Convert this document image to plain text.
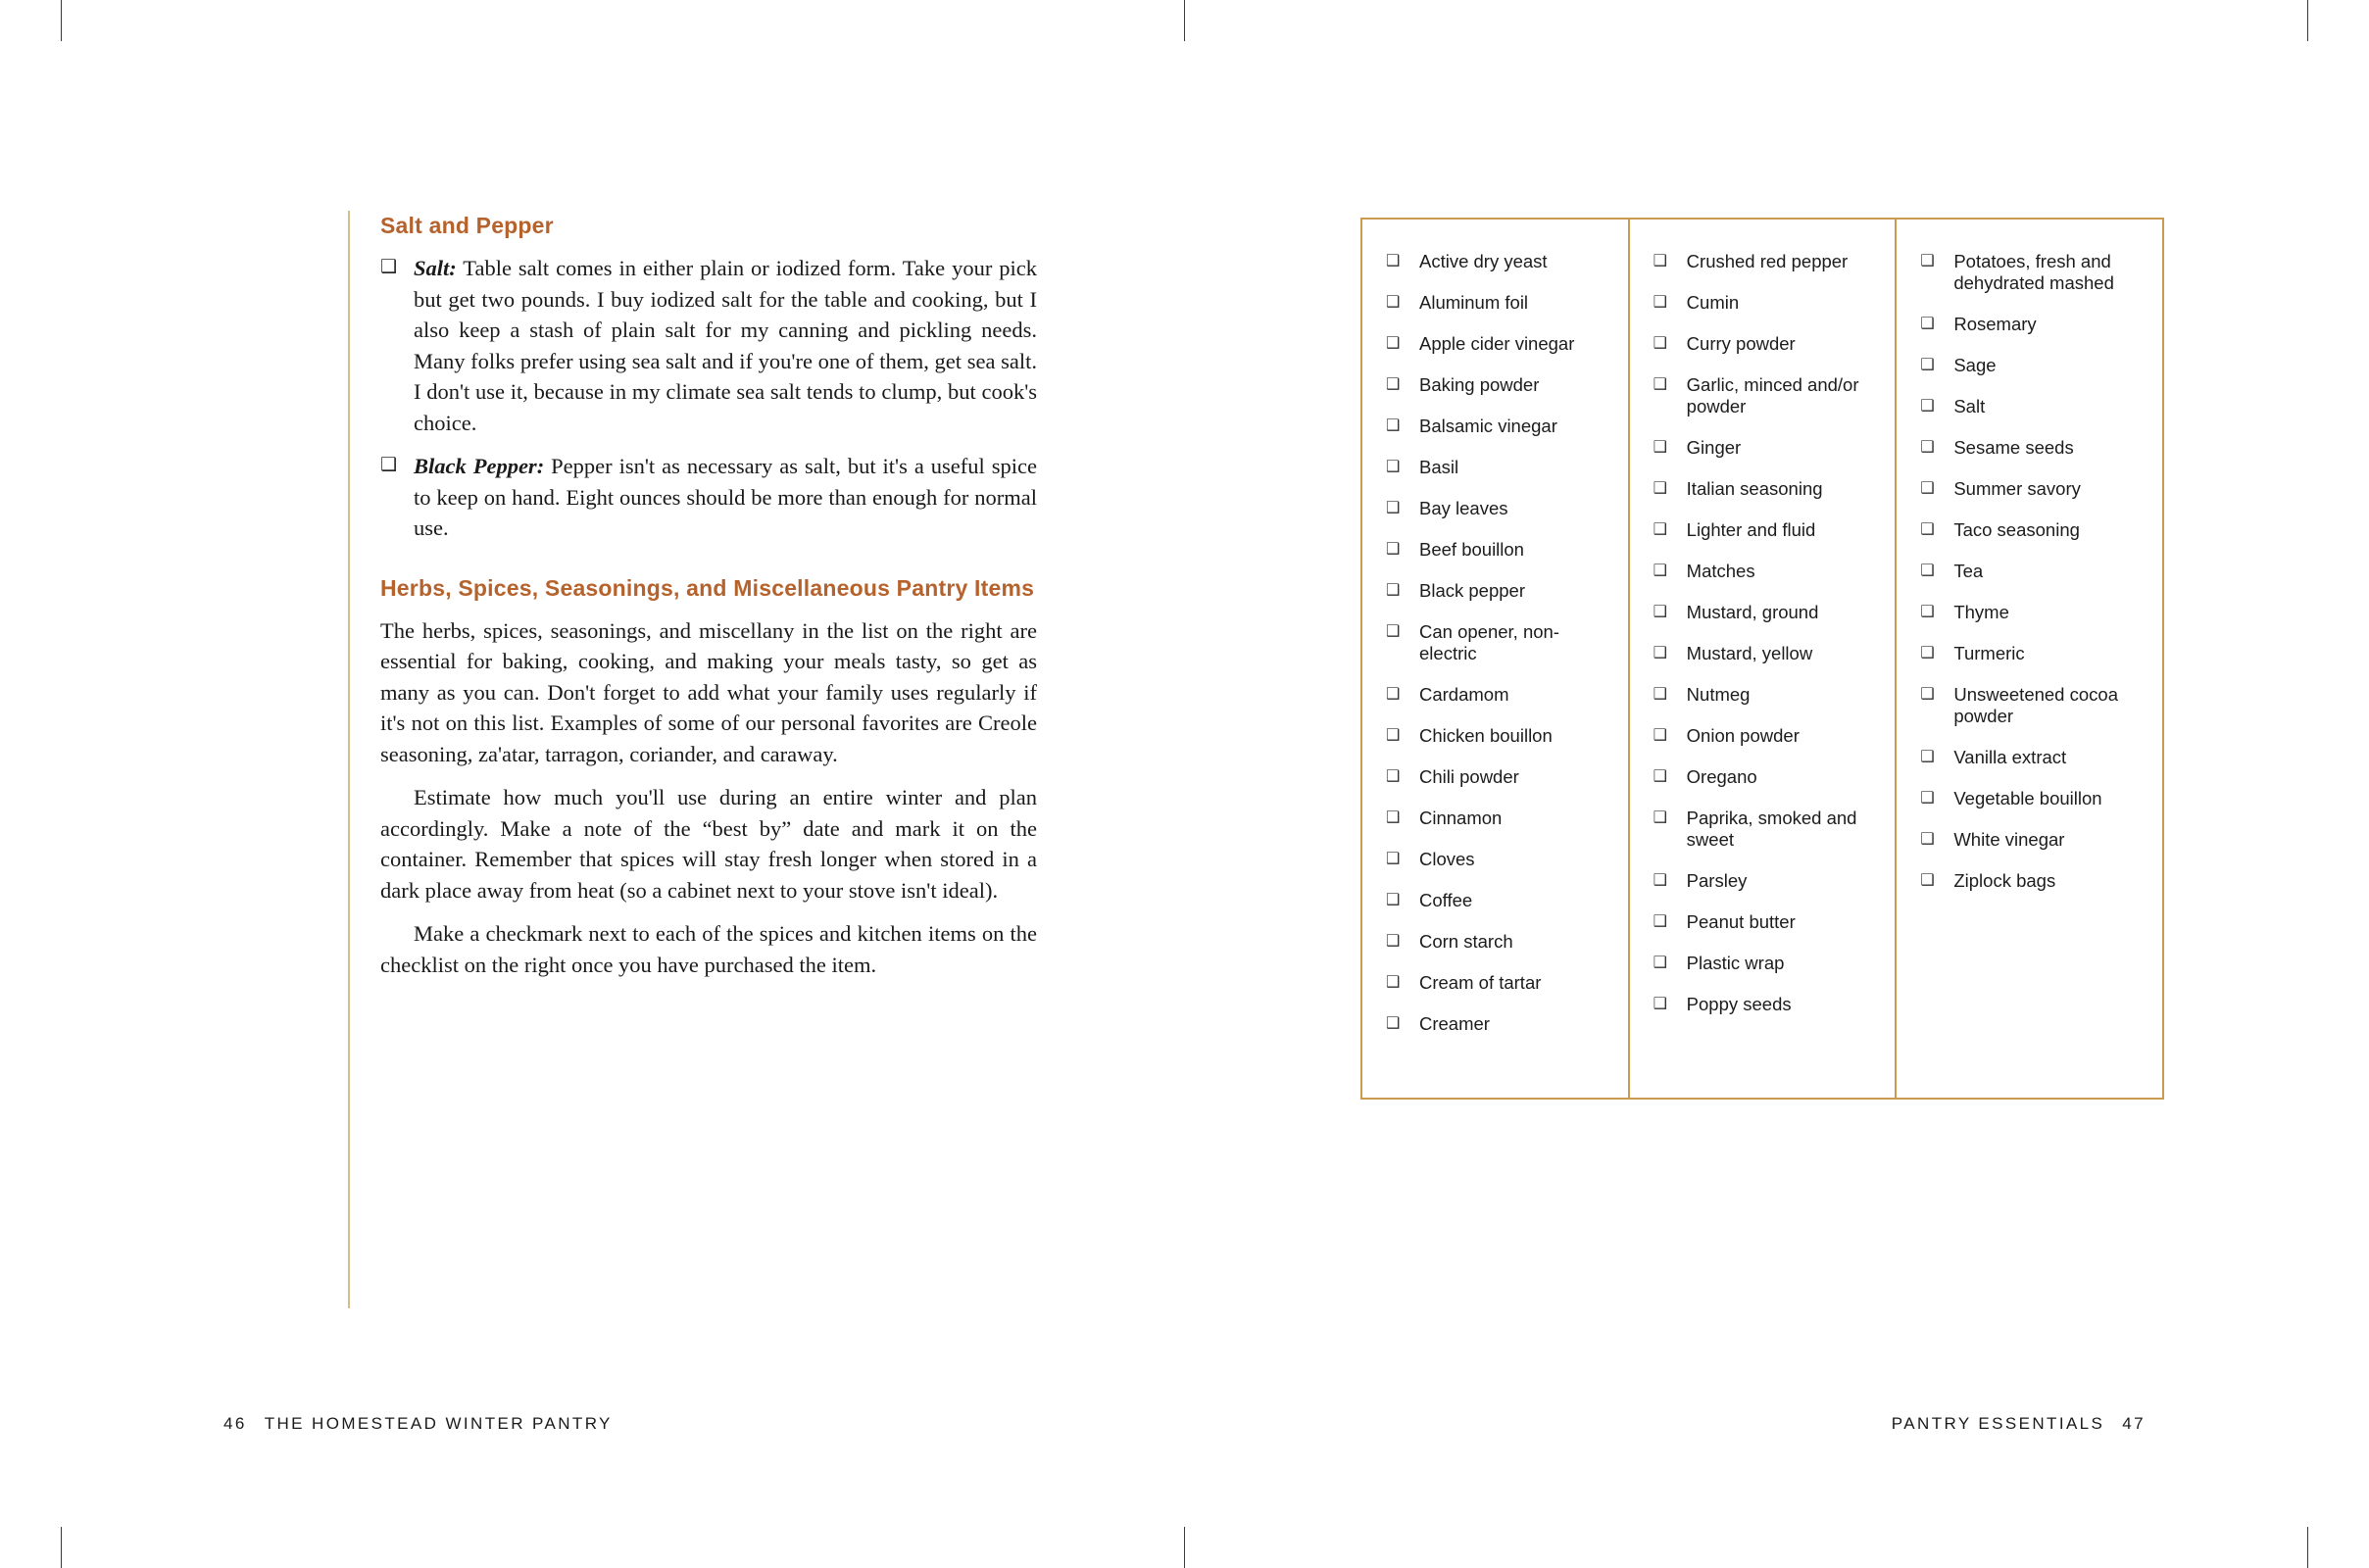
Salt and Pepper
❑ Salt: Table salt comes in either plain or iodized form. Take your pick but get two pounds. I buy iodized salt for the table and cooking, but I also keep a stash of plain salt for my canning and pickling needs. Many folks prefer using sea salt and if you're one of them, get sea salt. I don't use it, because in my climate sea salt tends to clump, but cook's choice.

❑ Black Pepper: Pepper isn't as necessary as salt, but it's a useful spice to keep on hand. Eight ounces should be more than enough for normal use.

Herbs, Spices, Seasonings, and Miscellaneous Pantry Items

The herbs, spices, seasonings, and miscellany in the list on the right are essential for baking, cooking, and making your meals tasty, so get as many as you can. Don't forget to add what your family uses regularly if it's not on this list. Examples of some of our personal favorites are Creole seasoning, za'atar, tarragon, coriander, and caraway.

Estimate how much you'll use during an entire winter and plan accordingly. Make a note of the “best by” date and mark it on the container. Remember that spices will stay fresh longer when stored in a dark place away from heat (so a cabinet next to your stove isn't ideal).

Make a checkmark next to each of the spices and kitchen items on the checklist on the right once you have purchased the item.

46 THE HOMESTEAD WINTER PANTRY
❑ Active dry yeast
❑ Aluminum foil
❑ Apple cider vinegar
❑ Baking powder
❑ Balsamic vinegar
❑ Basil
❑ Bay leaves
❑ Beef bouillon
❑ Black pepper
❑ Can opener, non-electric
❑ Cardamom
❑ Chicken bouillon
❑ Chili powder
❑ Cinnamon
❑ Cloves
❑ Coffee
❑ Corn starch
❑ Cream of tartar
❑ Creamer
❑ Crushed red pepper
❑ Cumin
❑ Curry powder
❑ Garlic, minced and/or powder
❑ Ginger
❑ Italian seasoning
❑ Lighter and fluid
❑ Matches
❑ Mustard, ground
❑ Mustard, yellow
❑ Nutmeg
❑ Onion powder
❑ Oregano
❑ Paprika, smoked and sweet
❑ Parsley
❑ Peanut butter
❑ Plastic wrap
❑ Poppy seeds
❑ Potatoes, fresh and dehydrated mashed
❑ Rosemary
❑ Sage
❑ Salt
❑ Sesame seeds
❑ Summer savory
❑ Taco seasoning
❑ Tea
❑ Thyme
❑ Turmeric
❑ Unsweetened cocoa powder
❑ Vanilla extract
❑ Vegetable bouillon
❑ White vinegar
❑ Ziplock bags
PANTRY ESSENTIALS 47
